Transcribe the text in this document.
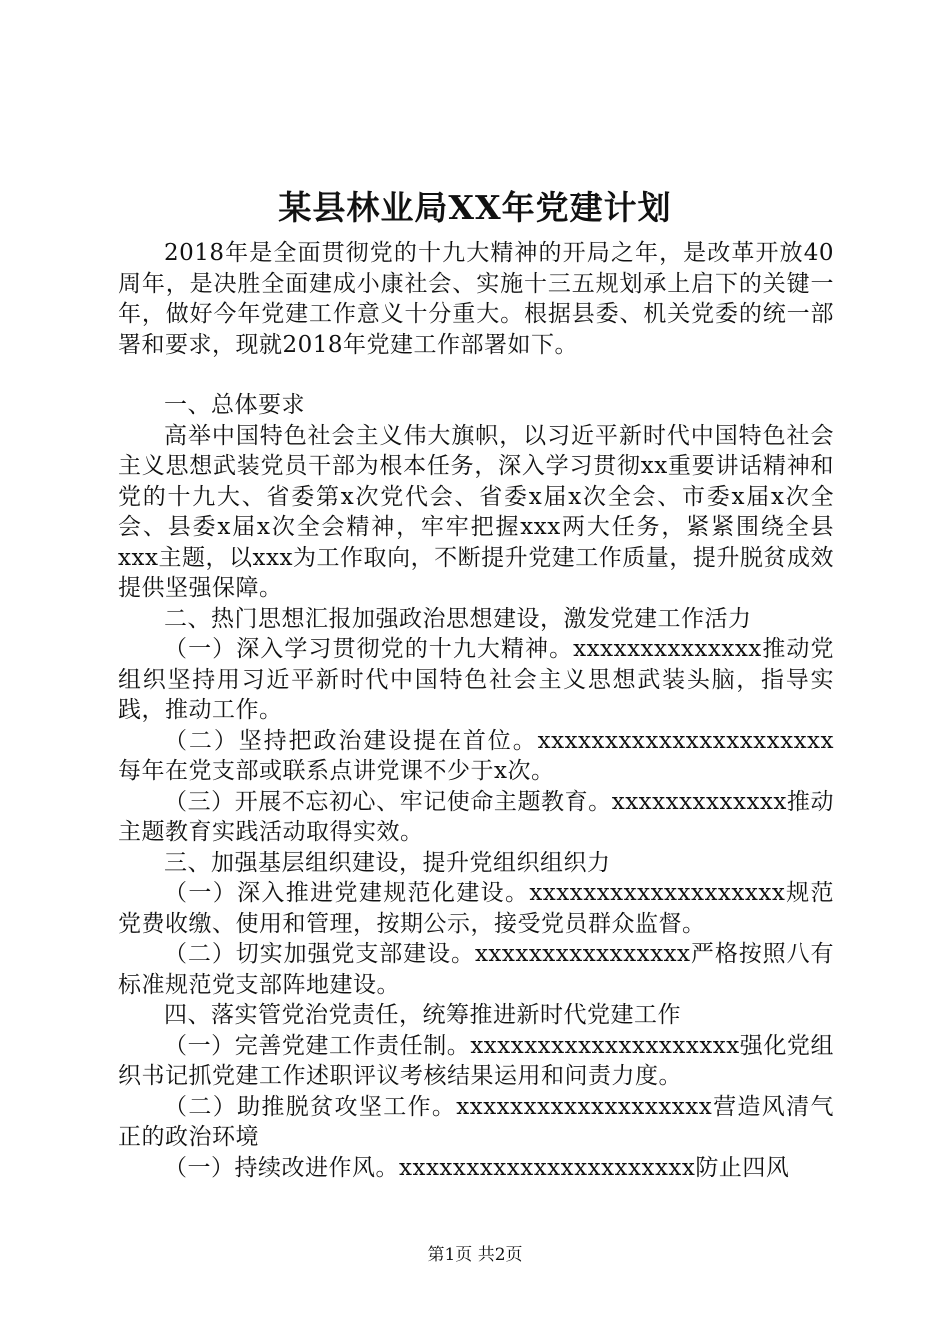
某县林业局XX年党建计划

2018年是全面贯彻党的十九大精神的开局之年，是改革开放40周年，是决胜全面建成小康社会、实施十三五规划承上启下的关键一年，做好今年党建工作意义十分重大。根据县委、机关党委的统一部署和要求，现就2018年党建工作部署如下。

一、总体要求

高举中国特色社会主义伟大旗帜，以习近平新时代中国特色社会主义思想武装党员干部为根本任务，深入学习贯彻xx重要讲话精神和党的十九大、省委第x次党代会、省委x届x次全会、市委x届x次全会、县委x届x次全会精神，牢牢把握xxx两大任务，紧紧围绕全县xxx主题，以xxx为工作取向，不断提升党建工作质量，提升脱贫成效提供坚强保障。

二、热门思想汇报加强政治思想建设，激发党建工作活力

（一）深入学习贯彻党的十九大精神。xxxxxxxxxxxxxx推动党组织坚持用习近平新时代中国特色社会主义思想武装头脑，指导实践，推动工作。

（二）坚持把政治建设提在首位。xxxxxxxxxxxxxxxxxxxxxx每年在党支部或联系点讲党课不少于x次。

（三）开展不忘初心、牢记使命主题教育。xxxxxxxxxxxxx推动主题教育实践活动取得实效。

三、加强基层组织建设，提升党组织组织力

（一）深入推进党建规范化建设。xxxxxxxxxxxxxxxxxxx规范党费收缴、使用和管理，按期公示，接受党员群众监督。

（二）切实加强党支部建设。xxxxxxxxxxxxxxxx严格按照八有标准规范党支部阵地建设。

四、落实管党治党责任，统筹推进新时代党建工作

（一）完善党建工作责任制。xxxxxxxxxxxxxxxxxxxx强化党组织书记抓党建工作述职评议考核结果运用和问责力度。

（二）助推脱贫攻坚工作。xxxxxxxxxxxxxxxxxxx营造风清气正的政治环境

（一）持续改进作风。xxxxxxxxxxxxxxxxxxxxxx防止四风

第1页 共2页
